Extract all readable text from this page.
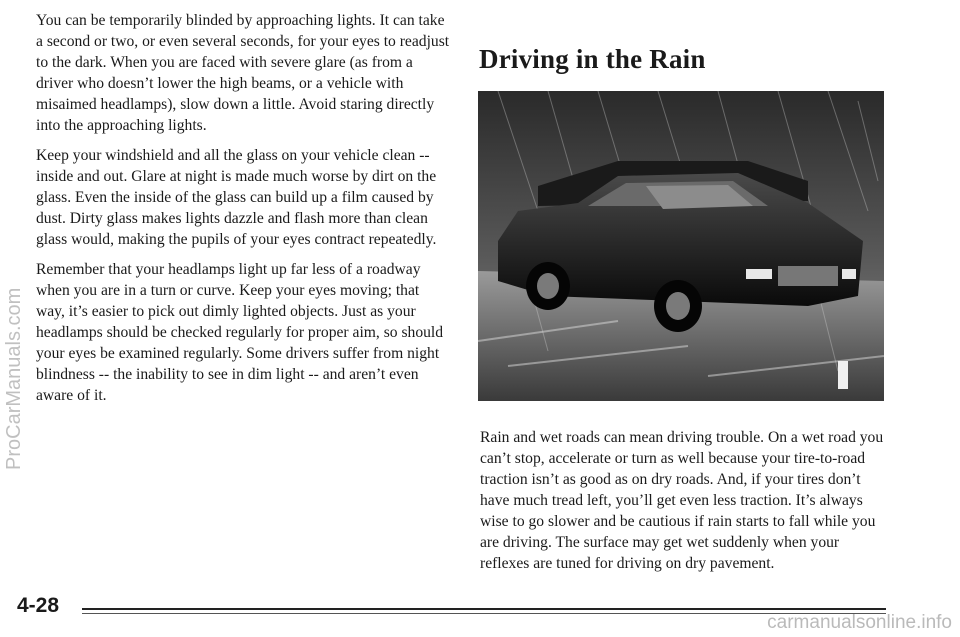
You can be temporarily blinded by approaching lights. It can take a second or two, or even several seconds, for your eyes to readjust to the dark. When you are faced with severe glare (as from a driver who doesn’t lower the high beams, or a vehicle with misaimed headlamps), slow down a little. Avoid staring directly into the approaching lights.

Keep your windshield and all the glass on your vehicle clean -- inside and out. Glare at night is made much worse by dirt on the glass. Even the inside of the glass can build up a film caused by dust. Dirty glass makes lights dazzle and flash more than clean glass would, making the pupils of your eyes contract repeatedly.

Remember that your headlamps light up far less of a roadway when you are in a turn or curve. Keep your eyes moving; that way, it’s easier to pick out dimly lighted objects. Just as your headlamps should be checked regularly for proper aim, so should your eyes be examined regularly. Some drivers suffer from night blindness -- the inability to see in dim light -- and aren’t even aware of it.

Driving in the Rain

Rain and wet roads can mean driving trouble. On a wet road you can’t stop, accelerate or turn as well because your tire-to-road traction isn’t as good as on dry roads. And, if your tires don’t have much tread left, you’ll get even less traction. It’s always wise to go slower and be cautious if rain starts to fall while you are driving. The surface may get wet suddenly when your reflexes are tuned for driving on dry pavement.

4-28

ProCarManuals.com
carmanualsonline.info
